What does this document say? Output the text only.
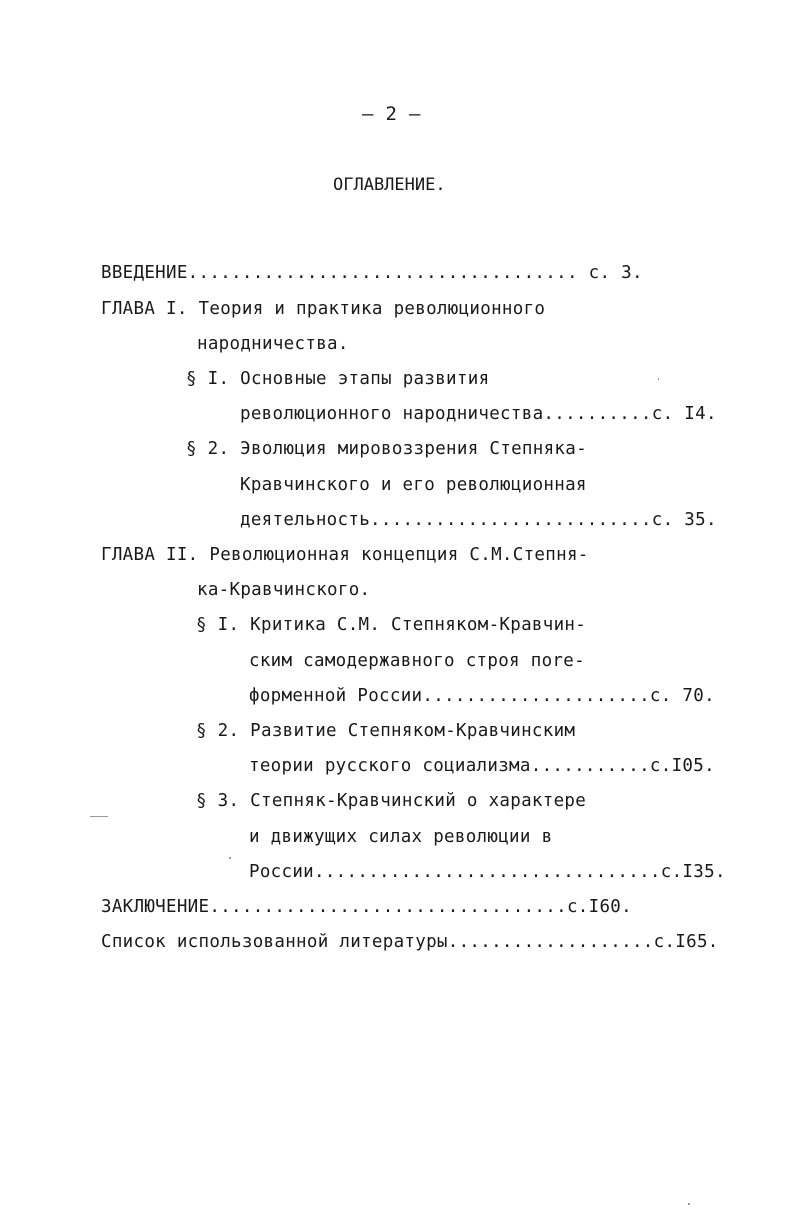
– 2 –
ОГЛАВЛЕНИЕ.
ВВЕДЕНИЕ.................................... с. 3.
ГЛАВА I. Теория и практика революционного
народничества.
§ I. Основные этапы развития
революционного народничества..........с. I4.
§ 2. Эволюция мировоззрения Степняка-
Кравчинского и его революционная
деятельность..........................с. 35.
ГЛАВА II. Революционная концепция С.М.Степня-
ка-Кравчинского.
§ I. Критика С.М. Степняком-Кравчин-
ским самодержавного строя пore-
форменной России.....................с. 70.
§ 2. Развитие Степняком-Кравчинским
теории русского социализма...........с.I05.
§ 3. Степняк-Кравчинский о характере
и движущих силах революции в
России................................с.I35.
ЗАКЛЮЧЕНИЕ.................................с.I60.
Список использованной литературы...................с.I65.
